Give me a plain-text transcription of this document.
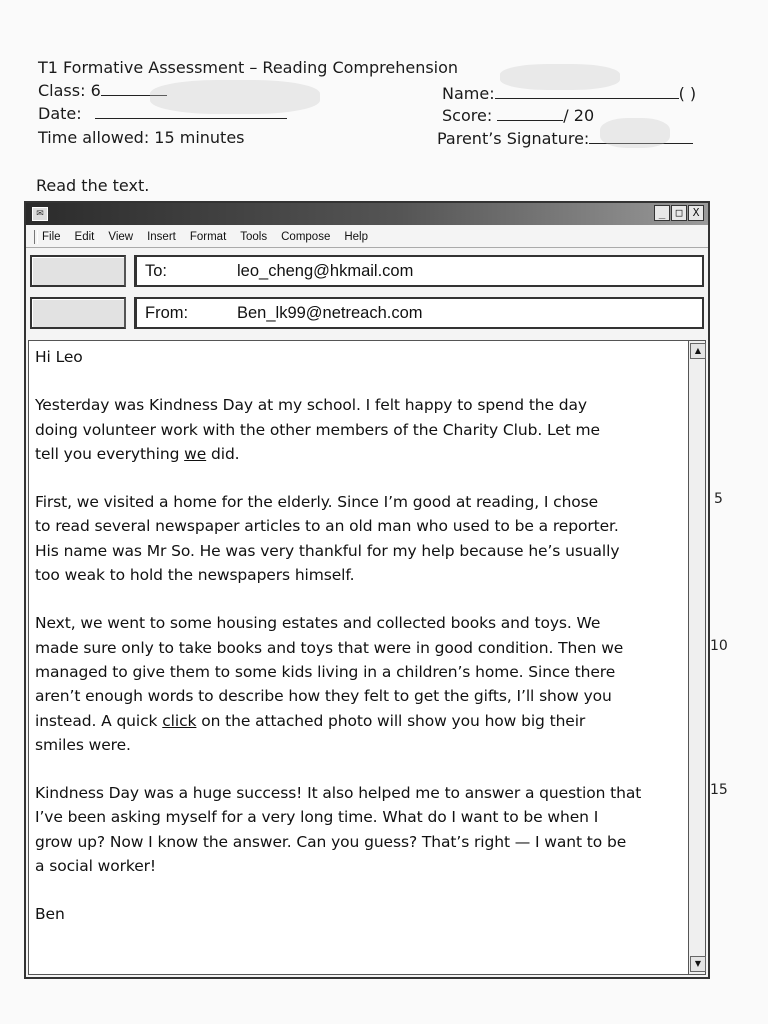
T1 Formative Assessment – Reading Comprehension
Class: 6
Date:
Time allowed: 15 minutes
Name:	( )
Score:	/ 20
Parent’s Signature:
Read the text.
✉	_ □ X
File Edit View Insert Format Tools Compose Help
To:	leo_cheng@hkmail.com
From:	Ben_lk99@netreach.com

Hi Leo

Yesterday was Kindness Day at my school. I felt happy to spend the day
doing volunteer work with the other members of the Charity Club. Let me
tell you everything we did.

First, we visited a home for the elderly. Since I’m good at reading, I chose
to read several newspaper articles to an old man who used to be a reporter.
His name was Mr So. He was very thankful for my help because he’s usually
too weak to hold the newspapers himself.

Next, we went to some housing estates and collected books and toys. We
made sure only to take books and toys that were in good condition. Then we
managed to give them to some kids living in a children’s home. Since there
aren’t enough words to describe how they felt to get the gifts, I’ll show you
instead. A quick click on the attached photo will show you how big their
smiles were.

Kindness Day was a huge success! It also helped me to answer a question that
I’ve been asking myself for a very long time. What do I want to be when I
grow up? Now I know the answer. Can you guess? That’s right — I want to be
a social worker!

Ben

▲
▼
5
10
15
